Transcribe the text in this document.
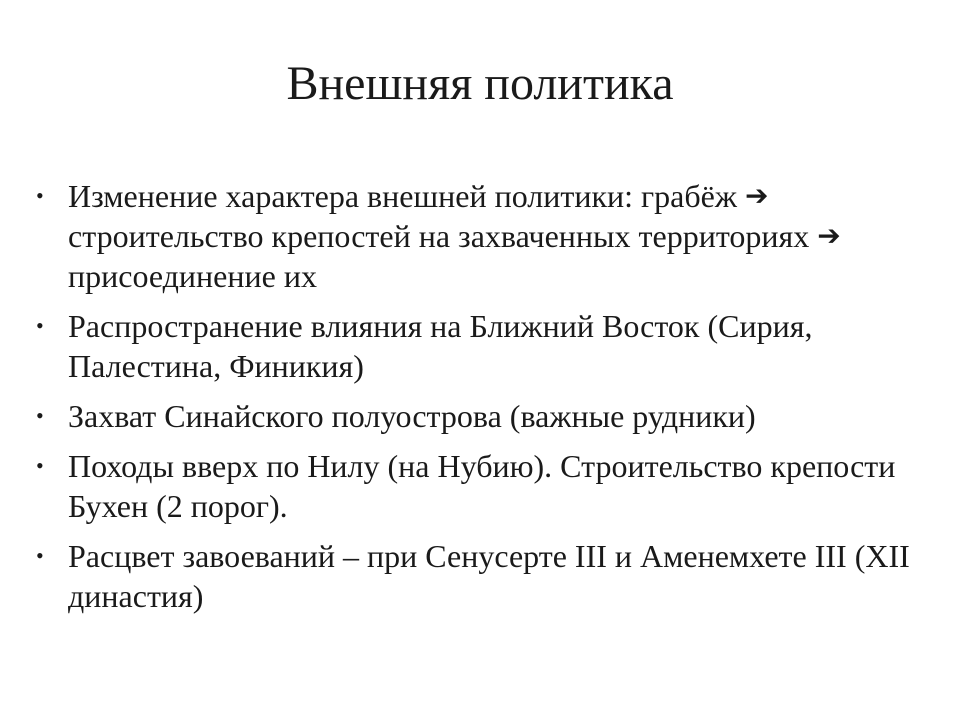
Внешняя политика
• Изменение характера внешней политики: грабёж ➔ строительство крепостей на захваченных территориях ➔ присоединение их
• Распространение влияния на Ближний Восток (Сирия, Палестина, Финикия)
• Захват Синайского полуострова (важные рудники)
• Походы вверх по Нилу (на Нубию). Строительство крепости Бухен (2 порог).
• Расцвет завоеваний – при Сенусерте III и Аменемхете III (XII династия)
